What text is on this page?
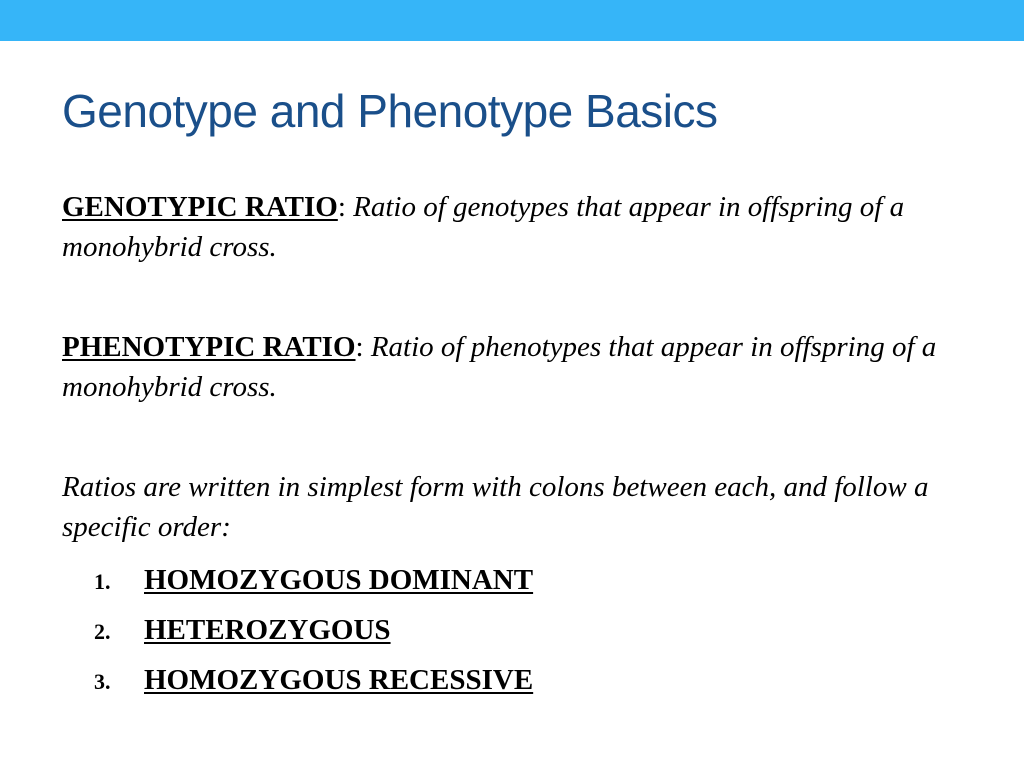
Genotype and Phenotype Basics

GENOTYPIC RATIO: Ratio of genotypes that appear in offspring of a monohybrid cross.

PHENOTYPIC RATIO: Ratio of phenotypes that appear in offspring of a monohybrid cross.

Ratios are written in simplest form with colons between each, and follow a specific order:

1. HOMOZYGOUS DOMINANT
2. HETEROZYGOUS
3. HOMOZYGOUS RECESSIVE
